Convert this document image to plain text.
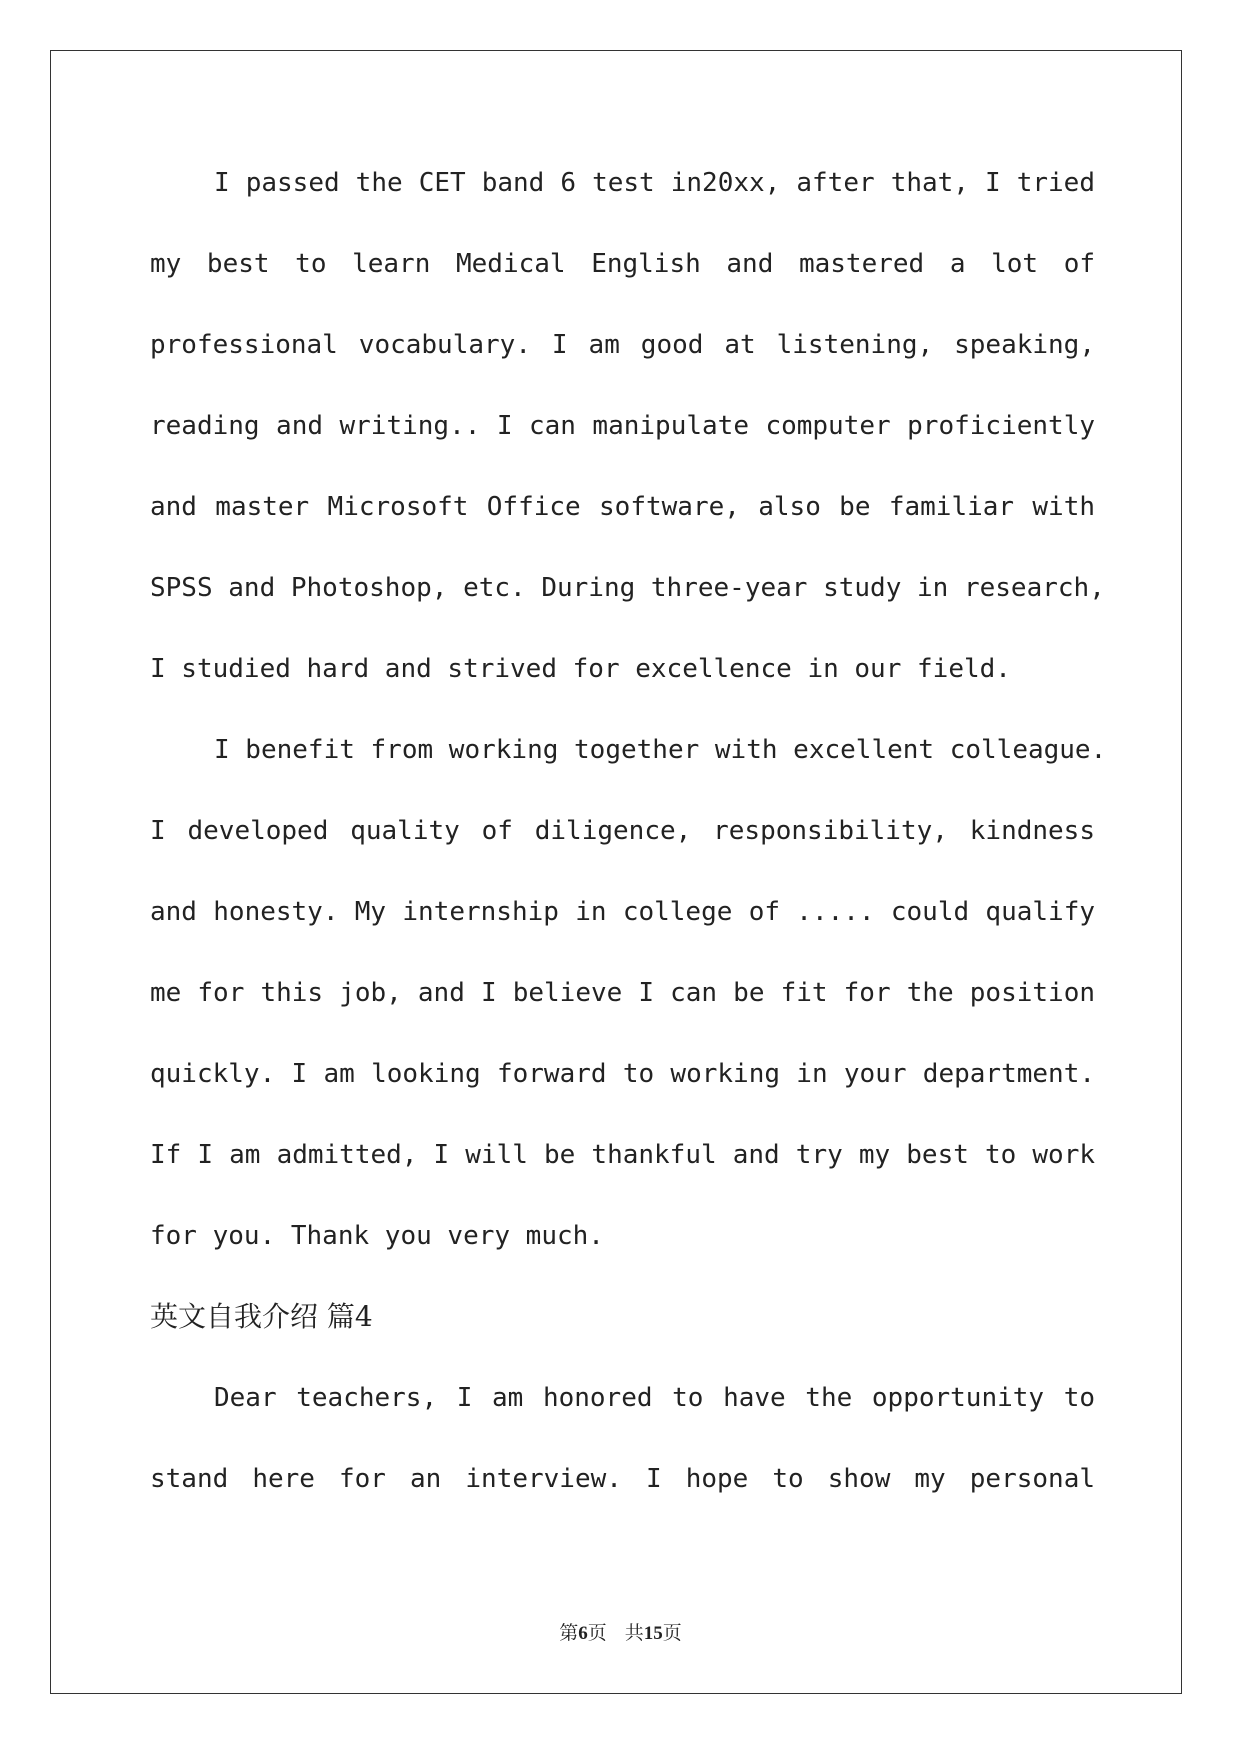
I passed the CET band 6 test in20xx, after that, I tried
my best to learn Medical English and mastered a lot of
professional vocabulary. I am good at listening, speaking,
reading and writing.. I can manipulate computer proficiently
and master Microsoft Office software, also be familiar with
SPSS and Photoshop, etc. During three-year study in research,
I studied hard and strived for excellence in our field.
I benefit from working together with excellent colleague.
I developed quality of diligence, responsibility, kindness
and honesty. My internship in college of ..... could qualify
me for this job, and I believe I can be fit for the position
quickly. I am looking forward to working in your department.
If I am admitted, I will be thankful and try my best to work
for you. Thank you very much.
英文自我介绍 篇4
Dear teachers, I am honored to have the opportunity to
stand here for an interview. I hope to show my personal
第6页 共15页
